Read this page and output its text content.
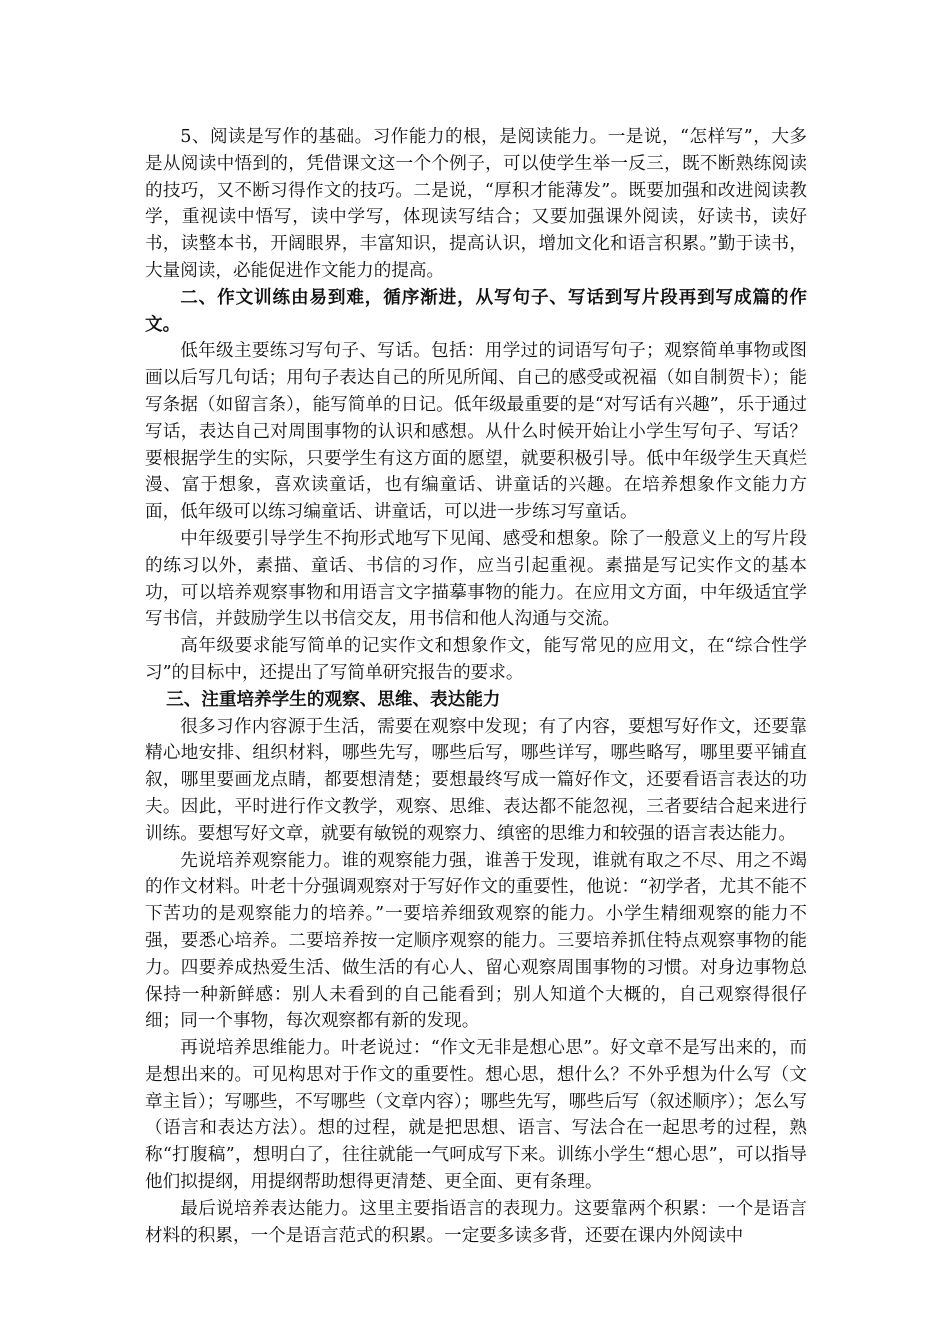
5、阅读是写作的基础。习作能力的根，是阅读能力。一是说，“怎样写”，大多是从阅读中悟到的，凭借课文这一个个例子，可以使学生举一反三，既不断熟练阅读的技巧，又不断习得作文的技巧。二是说，“厚积才能薄发”。既要加强和改进阅读教学，重视读中悟写，读中学写，体现读写结合；又要加强课外阅读，好读书，读好书，读整本书，开阔眼界，丰富知识，提高认识，增加文化和语言积累。”勤于读书，大量阅读，必能促进作文能力的提高。

二、作文训练由易到难，循序渐进，从写句子、写话到写片段再到写成篇的作文。

低年级主要练习写句子、写话。包括：用学过的词语写句子；观察简单事物或图画以后写几句话；用句子表达自己的所见所闻、自己的感受或祝福（如自制贺卡）；能写条据（如留言条），能写简单的日记。低年级最重要的是“对写话有兴趣”，乐于通过写话，表达自己对周围事物的认识和感想。从什么时候开始让小学生写句子、写话？要根据学生的实际，只要学生有这方面的愿望，就要积极引导。低中年级学生天真烂漫、富于想象，喜欢读童话，也有编童话、讲童话的兴趣。在培养想象作文能力方面，低年级可以练习编童话、讲童话，可以进一步练习写童话。

中年级要引导学生不拘形式地写下见闻、感受和想象。除了一般意义上的写片段的练习以外，素描、童话、书信的习作，应当引起重视。素描是写记实作文的基本功，可以培养观察事物和用语言文字描摹事物的能力。在应用文方面，中年级适宜学写书信，并鼓励学生以书信交友，用书信和他人沟通与交流。

高年级要求能写简单的记实作文和想象作文，能写常见的应用文，在“综合性学习”的目标中，还提出了写简单研究报告的要求。

三、注重培养学生的观察、思维、表达能力

很多习作内容源于生活，需要在观察中发现；有了内容，要想写好作文，还要靠精心地安排、组织材料，哪些先写，哪些后写，哪些详写，哪些略写，哪里要平铺直叙，哪里要画龙点睛，都要想清楚；要想最终写成一篇好作文，还要看语言表达的功夫。因此，平时进行作文教学，观察、思维、表达都不能忽视，三者要结合起来进行训练。要想写好文章，就要有敏锐的观察力、缜密的思维力和较强的语言表达能力。

先说培养观察能力。谁的观察能力强，谁善于发现，谁就有取之不尽、用之不竭的作文材料。叶老十分强调观察对于写好作文的重要性，他说：“初学者，尤其不能不下苦功的是观察能力的培养。”一要培养细致观察的能力。小学生精细观察的能力不强，要悉心培养。二要培养按一定顺序观察的能力。三要培养抓住特点观察事物的能力。四要养成热爱生活、做生活的有心人、留心观察周围事物的习惯。对身边事物总保持一种新鲜感：别人未看到的自己能看到；别人知道个大概的，自己观察得很仔细；同一个事物，每次观察都有新的发现。

再说培养思维能力。叶老说过：“作文无非是想心思”。好文章不是写出来的，而是想出来的。可见构思对于作文的重要性。想心思，想什么？不外乎想为什么写（文章主旨）；写哪些，不写哪些（文章内容）；哪些先写，哪些后写（叙述顺序）；怎么写（语言和表达方法）。想的过程，就是把思想、语言、写法合在一起思考的过程，熟称“打腹稿”，想明白了，往往就能一气呵成写下来。训练小学生“想心思”，可以指导他们拟提纲，用提纲帮助想得更清楚、更全面、更有条理。

最后说培养表达能力。这里主要指语言的表现力。这要靠两个积累：一个是语言材料的积累，一个是语言范式的积累。一定要多读多背，还要在课内外阅读中
